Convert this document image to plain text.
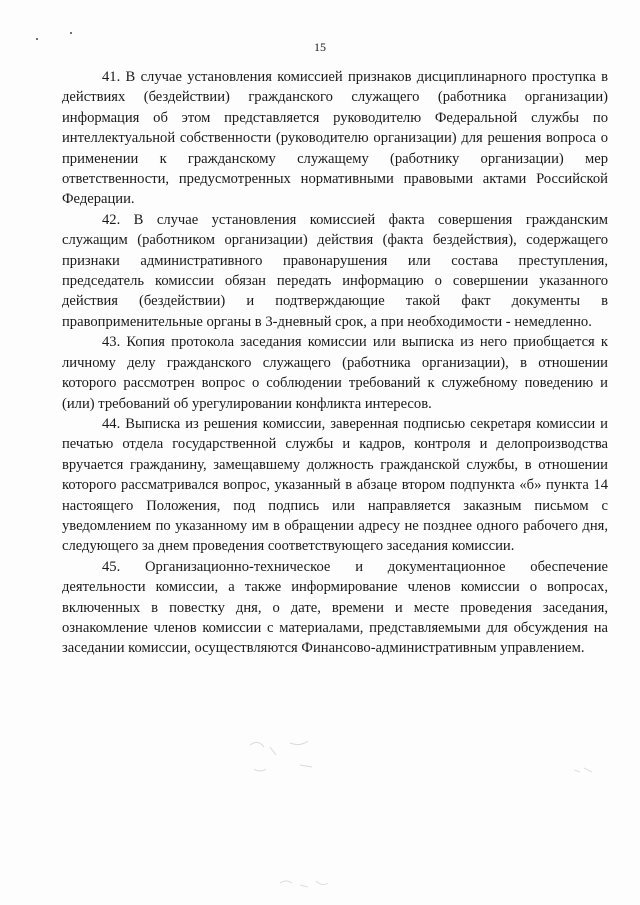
15

41. В случае установления комиссией признаков дисциплинарного проступка в действиях (бездействии) гражданского служащего (работника организации) информация об этом представляется руководителю Федеральной службы по интеллектуальной собственности (руководителю организации) для решения вопроса о применении к гражданскому служащему (работнику организации) мер ответственности, предусмотренных нормативными правовыми актами Российской Федерации.

42. В случае установления комиссией факта совершения гражданским служащим (работником организации) действия (факта бездействия), содержащего признаки административного правонарушения или состава преступления, председатель комиссии обязан передать информацию о совершении указанного действия (бездействии) и подтверждающие такой факт документы в правоприменительные органы в 3-дневный срок, а при необходимости - немедленно.

43. Копия протокола заседания комиссии или выписка из него приобщается к личному делу гражданского служащего (работника организации), в отношении которого рассмотрен вопрос о соблюдении требований к служебному поведению и (или) требований об урегулировании конфликта интересов.

44. Выписка из решения комиссии, заверенная подписью секретаря комиссии и печатью отдела государственной службы и кадров, контроля и делопроизводства вручается гражданину, замещавшему должность гражданской службы, в отношении которого рассматривался вопрос, указанный в абзаце втором подпункта «б» пункта 14 настоящего Положения, под подпись или направляется заказным письмом с уведомлением по указанному им в обращении адресу не позднее одного рабочего дня, следующего за днем проведения соответствующего заседания комиссии.

45. Организационно-техническое и документационное обеспечение деятельности комиссии, а также информирование членов комиссии о вопросах, включенных в повестку дня, о дате, времени и месте проведения заседания, ознакомление членов комиссии с материалами, представляемыми для обсуждения на заседании комиссии, осуществляются Финансово-административным управлением.
